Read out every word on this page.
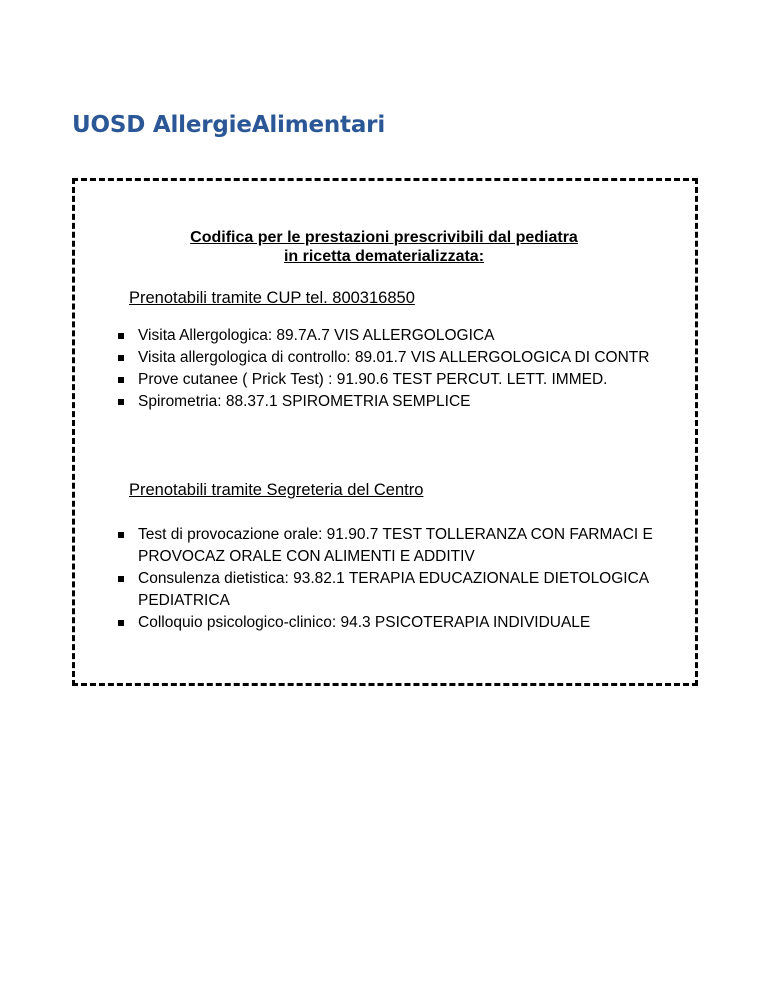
UOSD AllergieAlimentari
Codifica per le prestazioni prescrivibili dal pediatra
in ricetta dematerializzata:
Prenotabili tramite CUP tel. 800316850
Visita Allergologica: 89.7A.7 VIS ALLERGOLOGICA
Visita allergologica di controllo: 89.01.7 VIS ALLERGOLOGICA DI CONTR
Prove cutanee ( Prick Test) : 91.90.6 TEST PERCUT. LETT. IMMED.
Spirometria: 88.37.1 SPIROMETRIA SEMPLICE
Prenotabili tramite Segreteria del Centro
Test di provocazione orale: 91.90.7 TEST TOLLERANZA CON FARMACI E PROVOCAZ ORALE CON ALIMENTI E ADDITIV
Consulenza dietistica: 93.82.1 TERAPIA EDUCAZIONALE DIETOLOGICA PEDIATRICA
Colloquio psicologico-clinico: 94.3 PSICOTERAPIA INDIVIDUALE
